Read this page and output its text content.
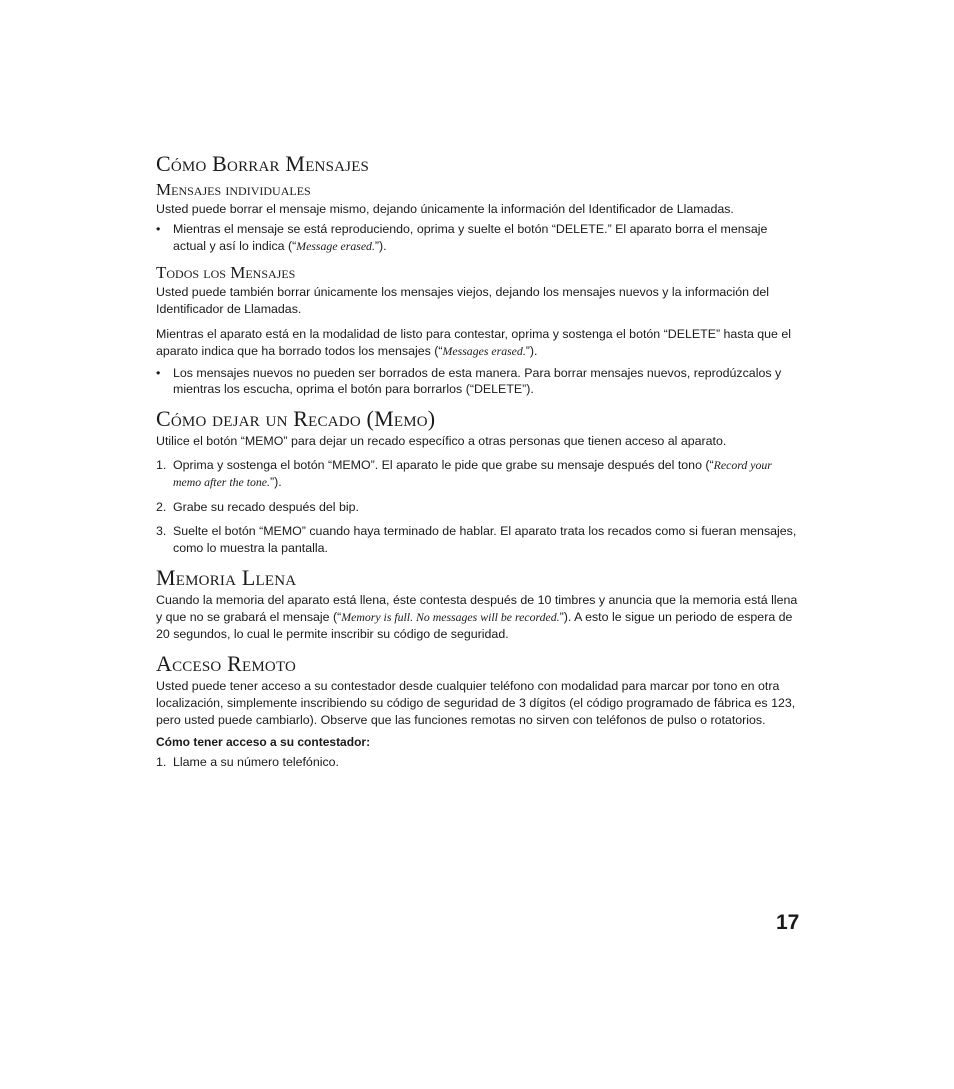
Cómo Borrar Mensajes
Mensajes individuales

Usted puede borrar el mensaje mismo, dejando únicamente la información del Identificador de Llamadas.

• Mientras el mensaje se está reproduciendo, oprima y suelte el botón “DELETE.” El aparato borra el mensaje actual y así lo indica (“Message erased.”).
Todos los Mensajes

Usted puede también borrar únicamente los mensajes viejos, dejando los mensajes nuevos y la información del Identificador de Llamadas.

Mientras el aparato está en la modalidad de listo para contestar, oprima y sostenga el botón “DELETE” hasta que el aparato indica que ha borrado todos los mensajes (“Messages erased.”).

• Los mensajes nuevos no pueden ser borrados de esta manera. Para borrar mensajes nuevos, reprodúzcalos y mientras los escucha, oprima el botón para borrarlos (“DELETE”).
Cómo dejar un Recado (Memo)

Utilice el botón “MEMO” para dejar un recado específico a otras personas que tienen acceso al aparato.

1. Oprima y sostenga el botón “MEMO”. El aparato le pide que grabe su mensaje después del tono (“Record your memo after the tone.”).
2. Grabe su recado después del bip.
3. Suelte el botón “MEMO” cuando haya terminado de hablar. El aparato trata los recados como si fueran mensajes, como lo muestra la pantalla.
Memoria Llena

Cuando la memoria del aparato está llena, éste contesta después de 10 timbres y anuncia que la memoria está llena y que no se grabará el mensaje (“Memory is full. No messages will be recorded.”). A esto le sigue un periodo de espera de 20 segundos, lo cual le permite inscribir su código de seguridad.

Acceso Remoto

Usted puede tener acceso a su contestador desde cualquier teléfono con modalidad para marcar por tono en otra localización, simplemente inscribiendo su código de seguridad de 3 dígitos (el código programado de fábrica es 123, pero usted puede cambiarlo). Observe que las funciones remotas no sirven con teléfonos de pulso o rotatorios.

Cómo tener acceso a su contestador:

1. Llame a su número telefónico.
17
